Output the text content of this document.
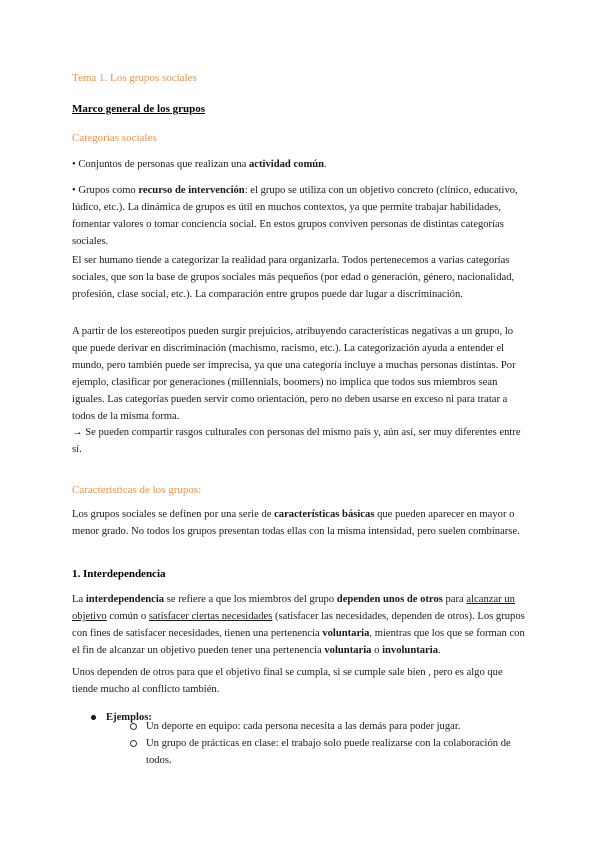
Tema 1. Los grupos sociales

Marco general de los grupos

Categorías sociales

• Conjuntos de personas que realizan una actividad común.

• Grupos como recurso de intervención: el grupo se utiliza con un objetivo concreto (clínico, educativo, lúdico, etc.). La dinámica de grupos es útil en muchos contextos, ya que permite trabajar habilidades, fomentar valores o tomar conciencia social. En estos grupos conviven personas de distintas categorías sociales.

El ser humano tiende a categorizar la realidad para organizarla. Todos pertenecemos a varias categorías sociales, que son la base de grupos sociales más pequeños (por edad o generación, género, nacionalidad, profesión, clase social, etc.). La comparación entre grupos puede dar lugar a discriminación.

A partir de los estereotipos pueden surgir prejuicios, atribuyendo características negativas a un grupo, lo que puede derivar en discriminación (machismo, racismo, etc.). La categorización ayuda a entender el mundo, pero también puede ser imprecisa, ya que una categoría incluye a muchas personas distintas. Por ejemplo, clasificar por generaciones (millennials, boomers) no implica que todos sus miembros sean iguales. Las categorías pueden servir como orientación, pero no deben usarse en exceso ni para tratar a todos de la misma forma.

→ Se pueden compartir rasgos culturales con personas del mismo país y, aún así, ser muy diferentes entre sí.

Características de los grupos:

Los grupos sociales se definen por una serie de características básicas que pueden aparecer en mayor o menor grado. No todos los grupos presentan todas ellas con la misma intensidad, pero suelen combinarse.

1. Interdependencia

La interdependencia se refiere a que los miembros del grupo dependen unos de otros para alcanzar un objetivo común o satisfacer ciertas necesidades (satisfacer las necesidades, dependen de otros). Los grupos con fines de satisfacer necesidades, tienen una pertenencia voluntaria, mientras que los que se forman con el fin de alcanzar un objetivo pueden tener una pertenencia voluntaria o involuntaria.

Unos dependen de otros para que el objetivo final se cumpla, si se cumple sale bien , pero es algo que tiende mucho al conflicto también.

Ejemplos:
Un deporte en equipo: cada persona necesita a las demás para poder jugar.
Un grupo de prácticas en clase: el trabajo solo puede realizarse con la colaboración de todos.
